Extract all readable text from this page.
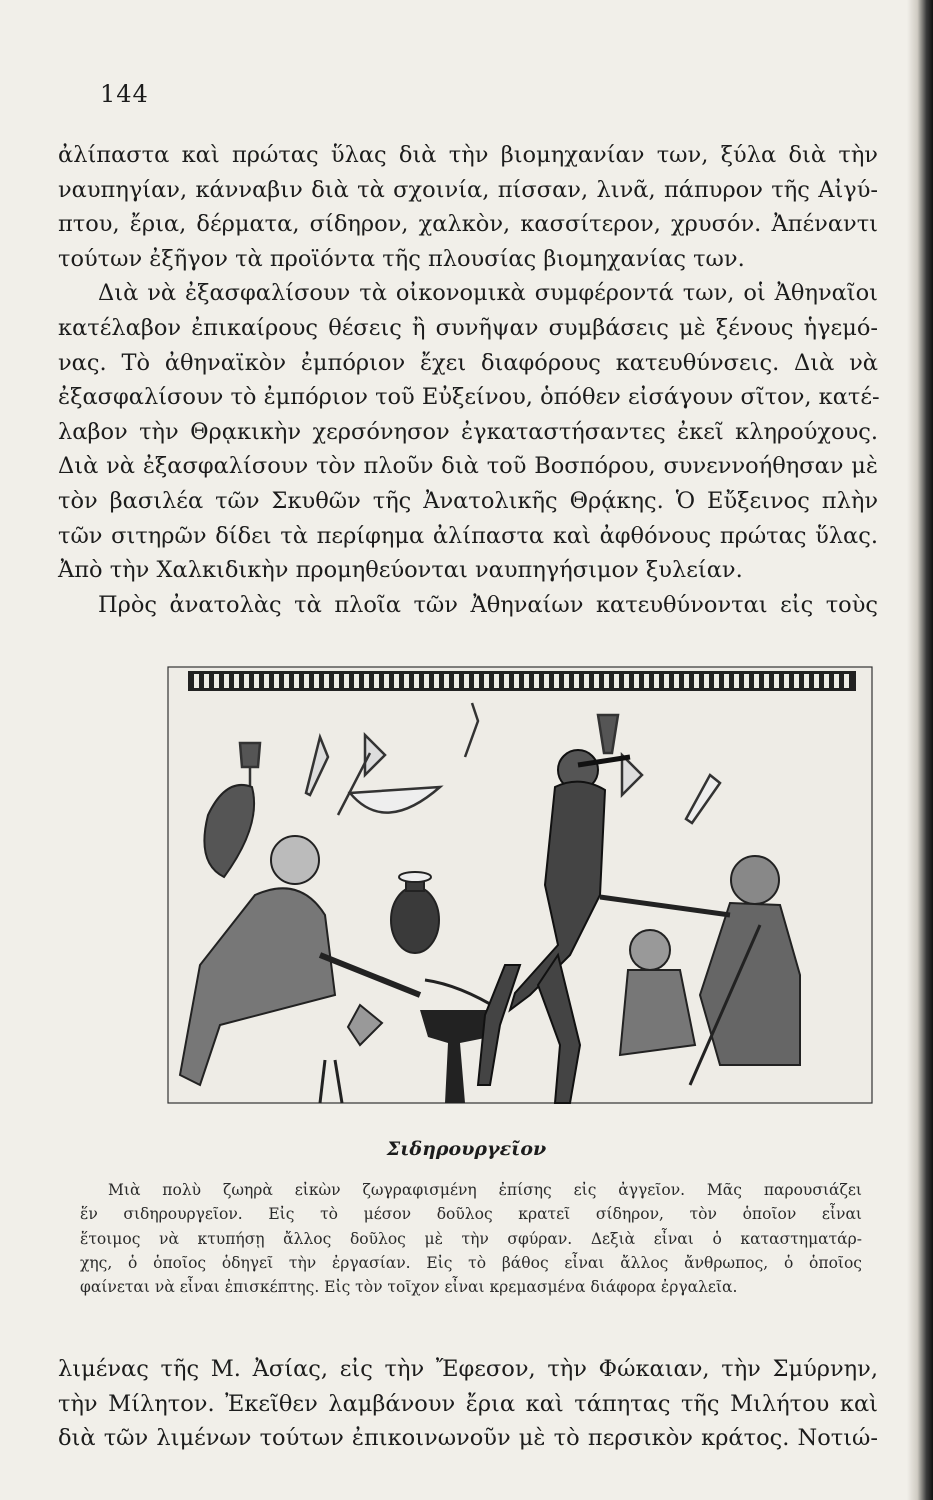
144
ἀλίπαστα καὶ πρώτας ὕλας διὰ τὴν βιομηχανίαν των, ξύλα διὰ τὴν
ναυπηγίαν, κάνναβιν διὰ τὰ σχοινία, πίσσαν, λινᾶ, πάπυρον τῆς Αἰγύ-
πτου, ἔρια, δέρματα, σίδηρον, χαλκὸν, κασσίτερον, χρυσόν. Ἀπέναντι
τούτων ἐξῆγον τὰ προϊόντα τῆς πλουσίας βιομηχανίας των.
Διὰ νὰ ἐξασφαλίσουν τὰ οἰκονομικὰ συμφέροντά των, οἱ Ἀθηναῖοι
κατέλαβον ἐπικαίρους θέσεις ἢ συνῆψαν συμβάσεις μὲ ξένους ἡγεμό-
νας. Τὸ ἀθηναϊκὸν ἐμπόριον ἔχει διαφόρους κατευθύνσεις. Διὰ νὰ
ἐξασφαλίσουν τὸ ἐμπόριον τοῦ Εὐξείνου, ὁπόθεν εἰσάγουν σῖτον, κατέ-
λαβον τὴν Θρᾳκικὴν χερσόνησον ἐγκαταστήσαντες ἐκεῖ κληρούχους.
Διὰ νὰ ἐξασφαλίσουν τὸν πλοῦν διὰ τοῦ Βοσπόρου, συνεννοήθησαν μὲ
τὸν βασιλέα τῶν Σκυθῶν τῆς Ἀνατολικῆς Θρᾴκης. Ὁ Εὔξεινος πλὴν
τῶν σιτηρῶν δίδει τὰ περίφημα ἀλίπαστα καὶ ἀφθόνους πρώτας ὕλας.
Ἀπὸ τὴν Χαλκιδικὴν προμηθεύονται ναυπηγήσιμον ξυλείαν.
Πρὸς ἀνατολὰς τὰ πλοῖα τῶν Ἀθηναίων κατευθύνονται εἰς τοὺς
Σιδηρουργεῖον
Μιὰ πολὺ ζωηρὰ εἰκὼν ζωγραφισμένη ἐπίσης εἰς ἀγγεῖον. Μᾶς παρουσιάζει
ἕν σιδηρουργεῖον. Εἰς τὸ μέσον δοῦλος κρατεῖ σίδηρον, τὸν ὁποῖον εἶναι
ἕτοιμος νὰ κτυπήσῃ ἄλλος δοῦλος μὲ τὴν σφύραν. Δεξιὰ εἶναι ὁ καταστηματάρ-
χης, ὁ ὁποῖος ὁδηγεῖ τὴν ἐργασίαν. Εἰς τὸ βάθος εἶναι ἄλλος ἄνθρωπος, ὁ ὁποῖος
φαίνεται νὰ εἶναι ἐπισκέπτης. Εἰς τὸν τοῖχον εἶναι κρεμασμένα διάφορα ἐργαλεῖα.
λιμένας τῆς Μ. Ἀσίας, εἰς τὴν Ἔφεσον, τὴν Φώκαιαν, τὴν Σμύρνην,
τὴν Μίλητον. Ἐκεῖθεν λαμβάνουν ἔρια καὶ τάπητας τῆς Μιλήτου καὶ
διὰ τῶν λιμένων τούτων ἐπικοινωνοῦν μὲ τὸ περσικὸν κράτος. Νοτιώ-
